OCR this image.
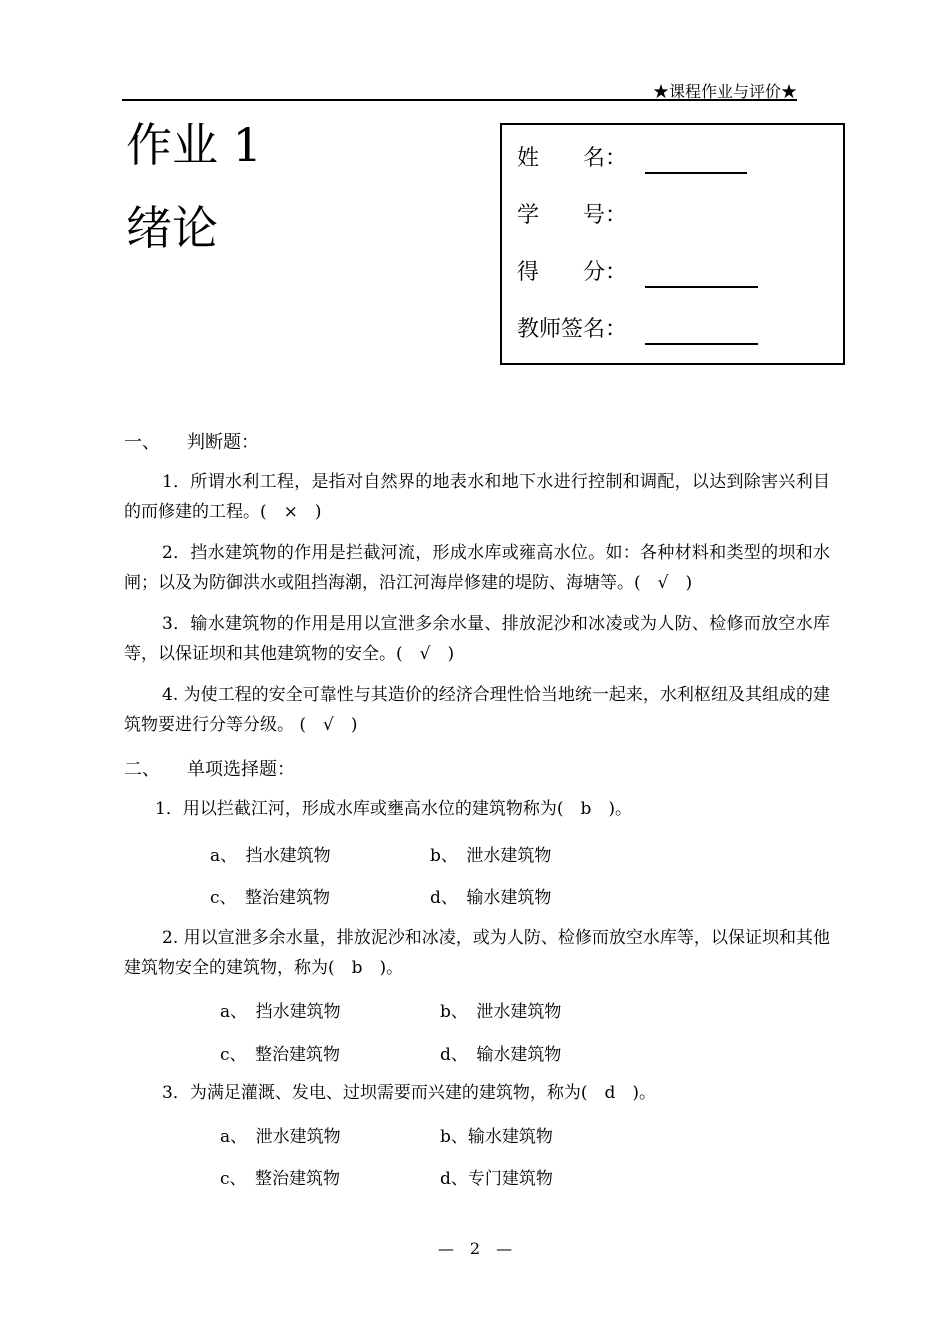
★课程作业与评价★
作业 1
绪论
姓　　名：
学　　号：
得　　分：
教师签名：
一、　　判断题：
1．所谓水利工程，是指对自然界的地表水和地下水进行控制和调配，以达到除害兴利目的而修建的工程。(　×　)
2．挡水建筑物的作用是拦截河流，形成水库或雍高水位。如：各种材料和类型的坝和水闸；以及为防御洪水或阻挡海潮，沿江河海岸修建的堤防、海塘等。(　√　)
3．输水建筑物的作用是用以宣泄多余水量、排放泥沙和冰凌或为人防、检修而放空水库等，以保证坝和其他建筑物的安全。(　√　)
4. 为使工程的安全可靠性与其造价的经济合理性恰当地统一起来，水利枢纽及其组成的建筑物要进行分等分级。 (　√　)
二、　　单项选择题：
1．用以拦截江河，形成水库或壅高水位的建筑物称为(　b　)。
a、　挡水建筑物	b、　泄水建筑物
c、　整治建筑物	d、　输水建筑物
2. 用以宣泄多余水量，排放泥沙和冰凌，或为人防、检修而放空水库等，以保证坝和其他建筑物安全的建筑物，称为(　b　)。
a、　挡水建筑物	b、　泄水建筑物
c、　整治建筑物	d、　输水建筑物
3．为满足灌溉、发电、过坝需要而兴建的建筑物，称为(　d　)。
a、　泄水建筑物	b、输水建筑物
c、　整治建筑物	d、专门建筑物
—　2　—
